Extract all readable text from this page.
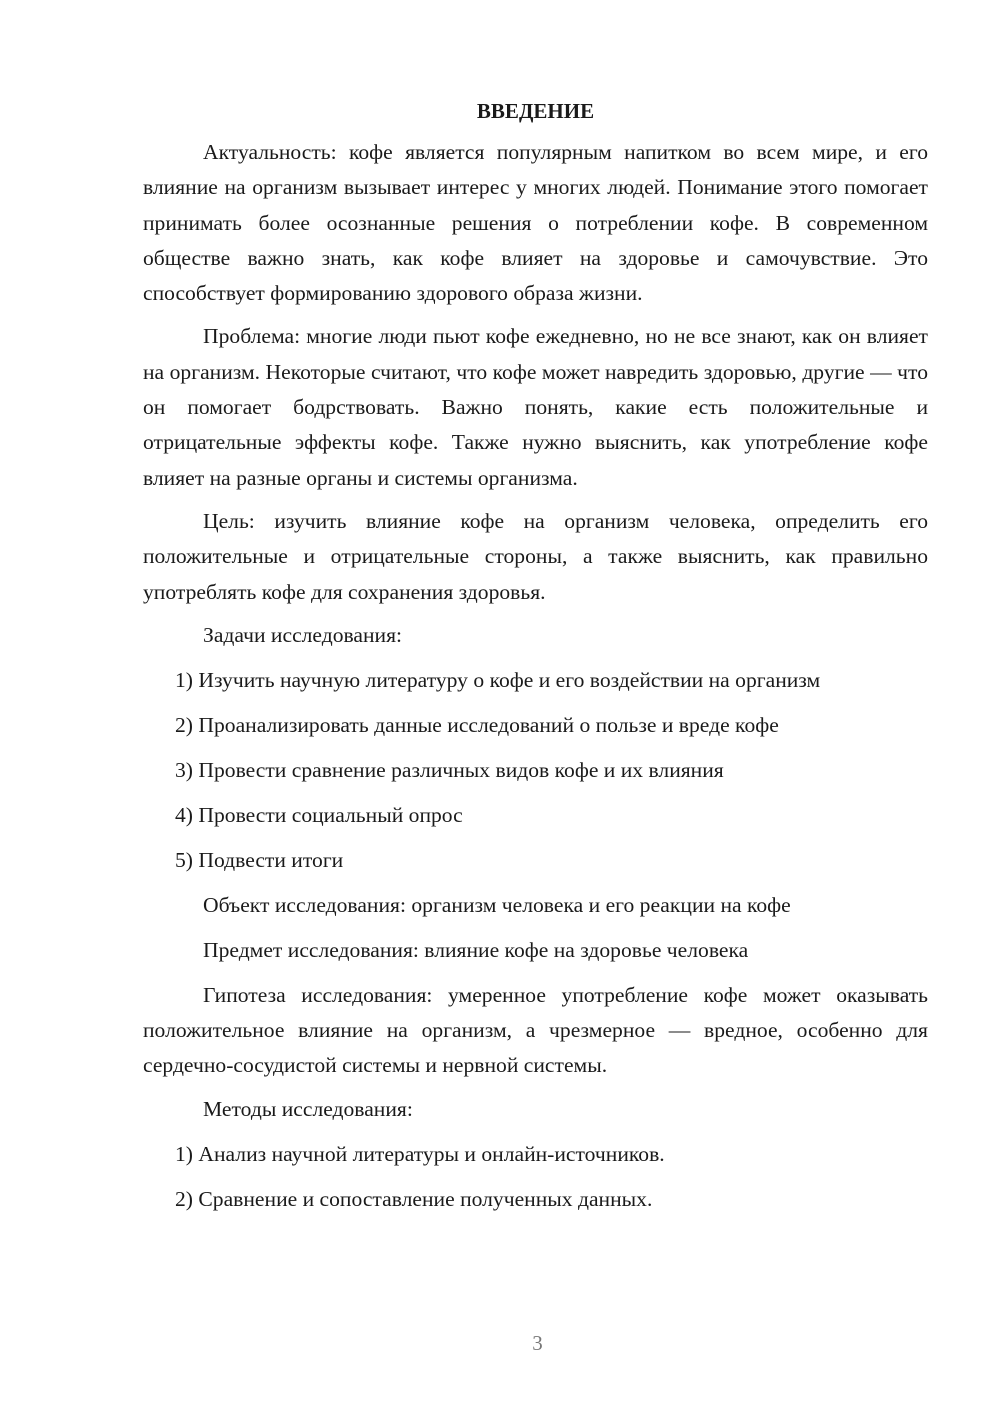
ВВЕДЕНИЕ

Актуальность: кофе является популярным напитком во всем мире, и его влияние на организм вызывает интерес у многих людей. Понимание этого помогает принимать более осознанные решения о потреблении кофе. В современном обществе важно знать, как кофе влияет на здоровье и самочувствие. Это способствует формированию здорового образа жизни.

Проблема: многие люди пьют кофе ежедневно, но не все знают, как он влияет на организм. Некоторые считают, что кофе может навредить здоровью, другие — что он помогает бодрствовать. Важно понять, какие есть положительные и отрицательные эффекты кофе. Также нужно выяснить, как употребление кофе влияет на разные органы и системы организма.

Цель: изучить влияние кофе на организм человека, определить его положительные и отрицательные стороны, а также выяснить, как правильно употреблять кофе для сохранения здоровья.

Задачи исследования:
1) Изучить научную литературу о кофе и его воздействии на организм
2) Проанализировать данные исследований о пользе и вреде кофе
3) Провести сравнение различных видов кофе и их влияния
4) Провести социальный опрос
5) Подвести итоги
Объект исследования: организм человека и его реакции на кофе
Предмет исследования: влияние кофе на здоровье человека

Гипотеза исследования: умеренное употребление кофе может оказывать положительное влияние на организм, а чрезмерное — вредное, особенно для сердечно-сосудистой системы и нервной системы.

Методы исследования:
1) Анализ научной литературы и онлайн-источников.
2) Сравнение и сопоставление полученных данных.
3
